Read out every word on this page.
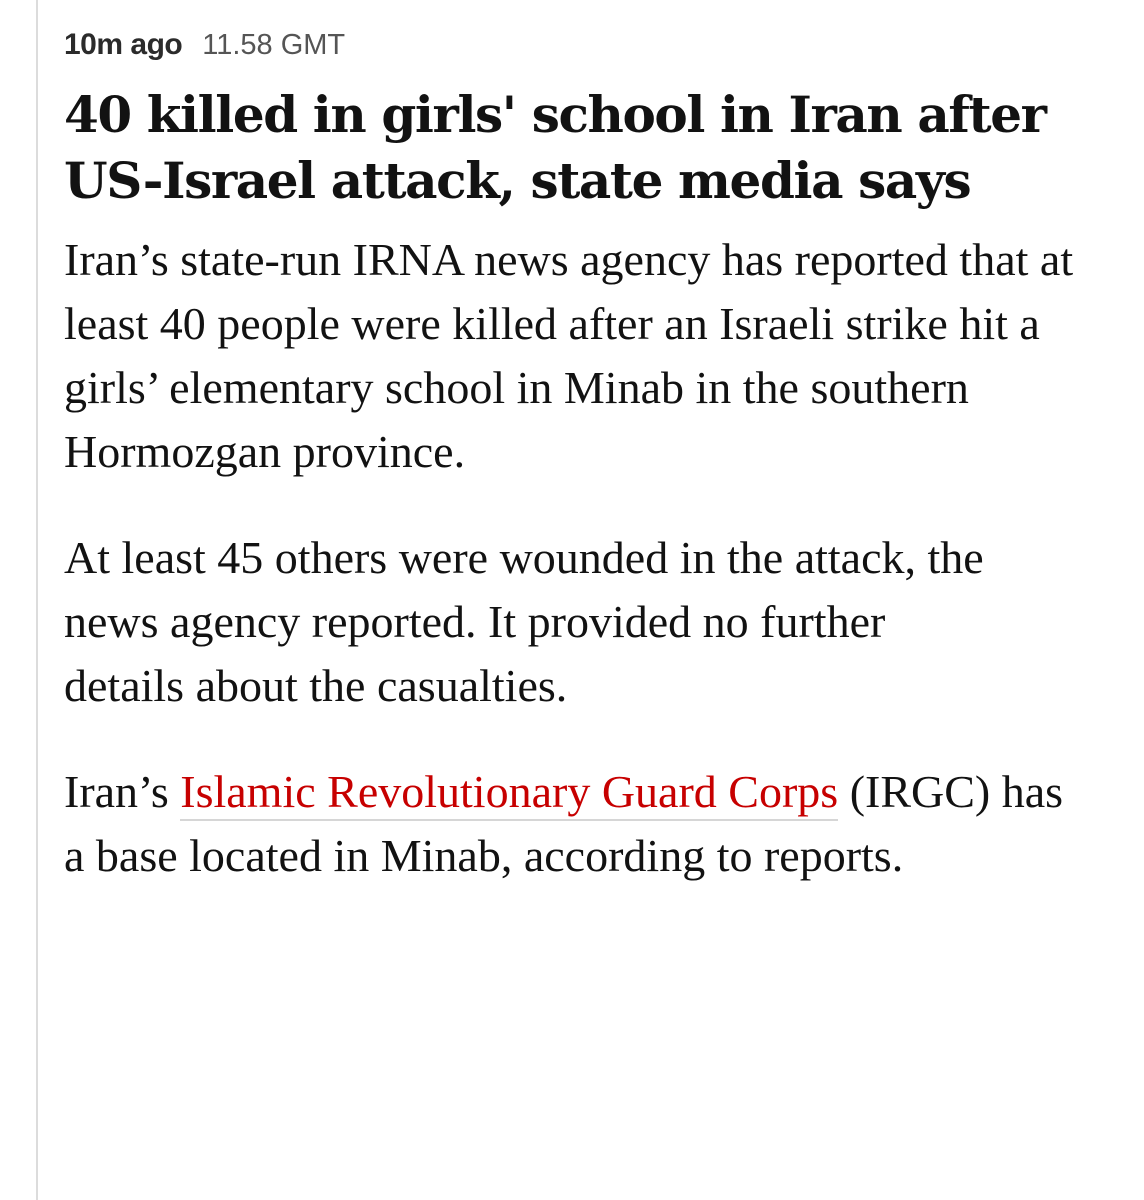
10m ago 11.58 GMT
40 killed in girls' school in Iran after US-Israel attack, state media says

Iran’s state-run IRNA news agency has reported that at least 40 people were killed after an Israeli strike hit a girls’ elementary school in Minab in the southern Hormozgan province.

At least 45 others were wounded in the attack, the news agency reported. It provided no further details about the casualties.

Iran’s Islamic Revolutionary Guard Corps (IRGC) has a base located in Minab, according to reports.
